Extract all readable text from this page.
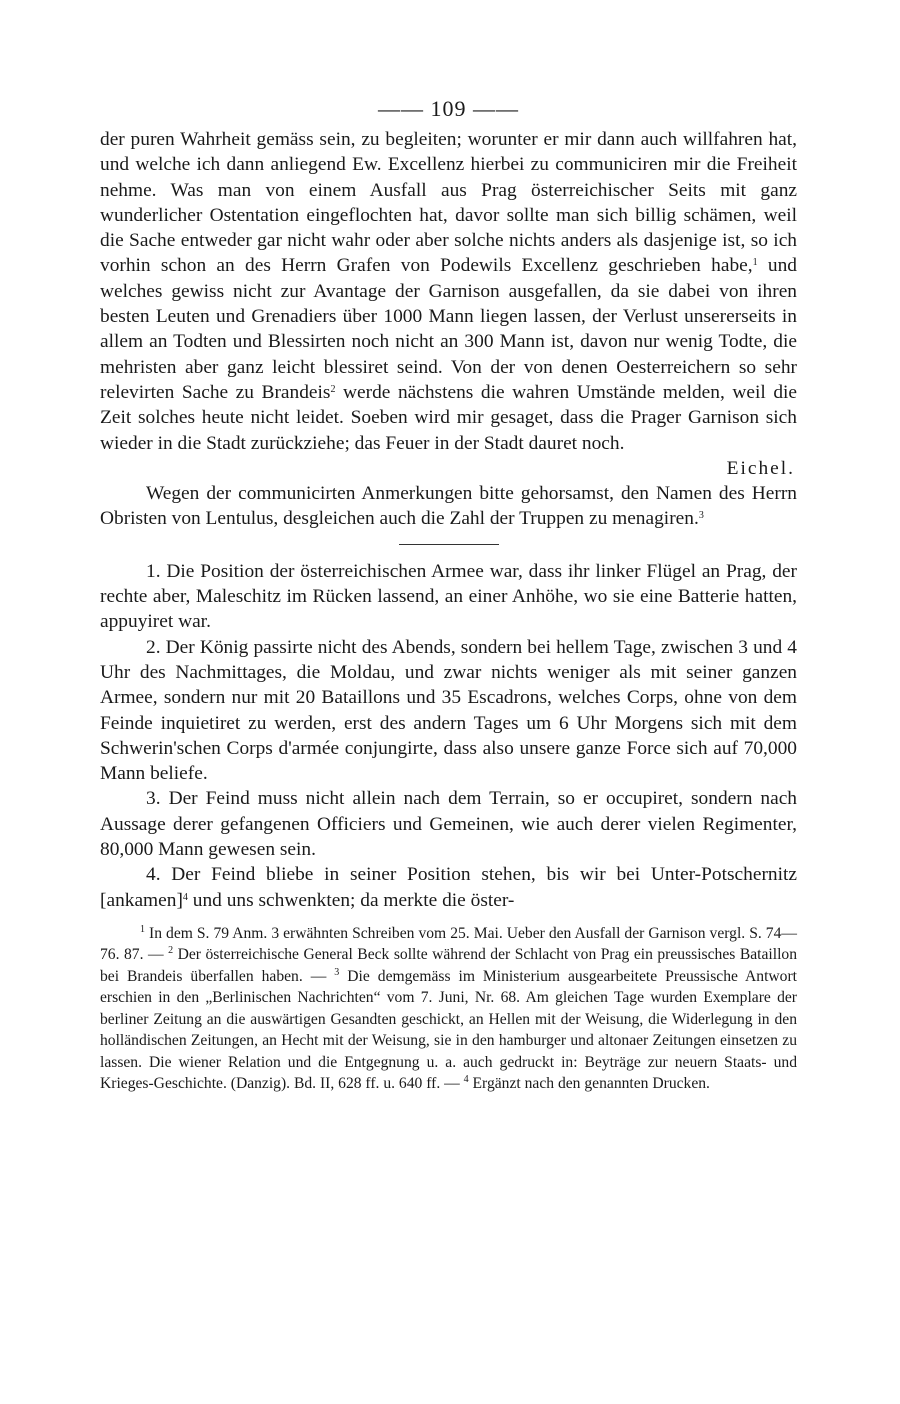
—— 109 ——

der puren Wahrheit gemäss sein, zu begleiten; worunter er mir dann auch willfahren hat, und welche ich dann anliegend Ew. Excellenz hierbei zu communiciren mir die Freiheit nehme. Was man von einem Ausfall aus Prag österreichischer Seits mit ganz wunderlicher Ostentation eingeflochten hat, davor sollte man sich billig schämen, weil die Sache entweder gar nicht wahr oder aber solche nichts anders als dasjenige ist, so ich vorhin schon an des Herrn Grafen von Podewils Excellenz geschrieben habe,$^1$ und welches gewiss nicht zur Avantage der Garnison ausgefallen, da sie dabei von ihren besten Leuten und Grenadiers über 1000 Mann liegen lassen, der Verlust unsererseits in allem an Todten und Blessirten noch nicht an 300 Mann ist, davon nur wenig Todte, die mehristen aber ganz leicht blessiret seind. Von der von denen Oesterreichern so sehr relevirten Sache zu Brandeis$^2$ werde nächstens die wahren Umstände melden, weil die Zeit solches heute nicht leidet. Soeben wird mir gesaget, dass die Prager Garnison sich wieder in die Stadt zurückziehe; das Feuer in der Stadt dauret noch.

Eichel.

Wegen der communicirten Anmerkungen bitte gehorsamst, den Namen des Herrn Obristen von Lentulus, desgleichen auch die Zahl der Truppen zu menagiren.$^3$

1. Die Position der österreichischen Armee war, dass ihr linker Flügel an Prag, der rechte aber, Maleschitz im Rücken lassend, an einer Anhöhe, wo sie eine Batterie hatten, appuyiret war.

2. Der König passirte nicht des Abends, sondern bei hellem Tage, zwischen 3 und 4 Uhr des Nachmittages, die Moldau, und zwar nichts weniger als mit seiner ganzen Armee, sondern nur mit 20 Bataillons und 35 Escadrons, welches Corps, ohne von dem Feinde inquietiret zu werden, erst des andern Tages um 6 Uhr Morgens sich mit dem Schwerin'schen Corps d'armée conjungirte, dass also unsere ganze Force sich auf 70,000 Mann beliefe.

3. Der Feind muss nicht allein nach dem Terrain, so er occupiret, sondern nach Aussage derer gefangenen Officiers und Gemeinen, wie auch derer vielen Regimenter, 80,000 Mann gewesen sein.

4. Der Feind bliebe in seiner Position stehen, bis wir bei Unter-Potschernitz [ankamen]$^4$ und uns schwenkten; da merkte die öster-

$^1$ In dem S. 79 Anm. 3 erwähnten Schreiben vom 25. Mai. Ueber den Ausfall der Garnison vergl. S. 74—76. 87. — $^2$ Der österreichische General Beck sollte während der Schlacht von Prag ein preussisches Bataillon bei Brandeis überfallen haben. — $^3$ Die demgemäss im Ministerium ausgearbeitete Preussische Antwort erschien in den „Berlinischen Nachrichten“ vom 7. Juni, Nr. 68. Am gleichen Tage wurden Exemplare der berliner Zeitung an die auswärtigen Gesandten geschickt, an Hellen mit der Weisung, die Widerlegung in den holländischen Zeitungen, an Hecht mit der Weisung, sie in den hamburger und altonaer Zeitungen einsetzen zu lassen. Die wiener Relation und die Entgegnung u. a. auch gedruckt in: Beyträge zur neuern Staats- und Krieges-Geschichte. (Danzig). Bd. II, 628 ff. u. 640 ff. — $^4$ Ergänzt nach den genannten Drucken.
